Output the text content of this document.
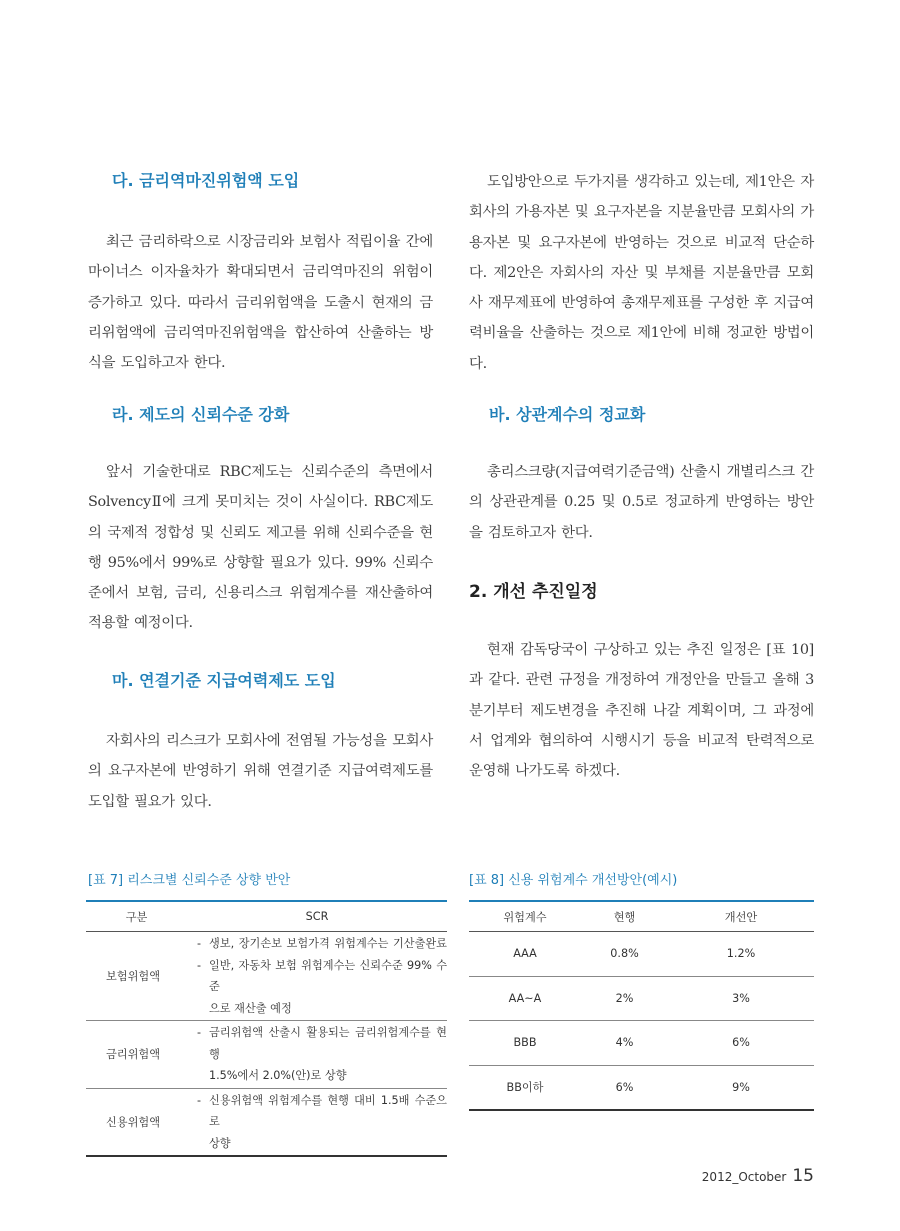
다. 금리역마진위험액 도입
최근 금리하락으로 시장금리와 보험사 적립이율 간에 마이너스 이자율차가 확대되면서 금리역마진의 위험이 증가하고 있다. 따라서 금리위험액을 도출시 현재의 금리위험액에 금리역마진위험액을 합산하여 산출하는 방식을 도입하고자 한다.
라. 제도의 신뢰수준 강화
앞서 기술한대로 RBC제도는 신뢰수준의 측면에서 SolvencyⅡ에 크게 못미치는 것이 사실이다. RBC제도의 국제적 정합성 및 신뢰도 제고를 위해 신뢰수준을 현행 95%에서 99%로 상향할 필요가 있다. 99% 신뢰수준에서 보험, 금리, 신용리스크 위험계수를 재산출하여 적용할 예정이다.
마. 연결기준 지급여력제도 도입
자회사의 리스크가 모회사에 전염될 가능성을 모회사의 요구자본에 반영하기 위해 연결기준 지급여력제도를 도입할 필요가 있다.
도입방안으로 두가지를 생각하고 있는데, 제1안은 자회사의 가용자본 및 요구자본을 지분율만큼 모회사의 가용자본 및 요구자본에 반영하는 것으로 비교적 단순하다. 제2안은 자회사의 자산 및 부채를 지분율만큼 모회사 재무제표에 반영하여 총재무제표를 구성한 후 지급여력비율을 산출하는 것으로 제1안에 비해 정교한 방법이다.
바. 상관계수의 정교화
총리스크량(지급여력기준금액) 산출시 개별리스크 간의 상관관계를 0.25 및 0.5로 정교하게 반영하는 방안을 검토하고자 한다.
2. 개선 추진일정
현재 감독당국이 구상하고 있는 추진 일정은 [표 10]과 같다. 관련 규정을 개정하여 개정안을 만들고 올해 3분기부터 제도변경을 추진해 나갈 계획이며, 그 과정에서 업계와 협의하여 시행시기 등을 비교적 탄력적으로 운영해 나가도록 하겠다.
[표 7] 리스크별 신뢰수준 상향 반안
구분	SCR
보험위험액	- 생보, 장기손보 보험가격 위험계수는 기산출완료
- 일반, 자동차 보험 위험계수는 신뢰수준 99% 수준
으로 재산출 예정

금리위험액	- 금리위험액 산출시 활용되는 금리위험계수를 현행
1.5%에서 2.0%(안)로 상향

신용위험액	- 신용위험액 위험계수를 현행 대비 1.5배 수준으로
상향
[표 8] 신용 위험계수 개선방안(예시)
위험계수	현행	개선안
AAA	0.8%	1.2%
AA~A	2%	3%
BBB	4%	6%
BB이하	6%	9%
2012_October 15
